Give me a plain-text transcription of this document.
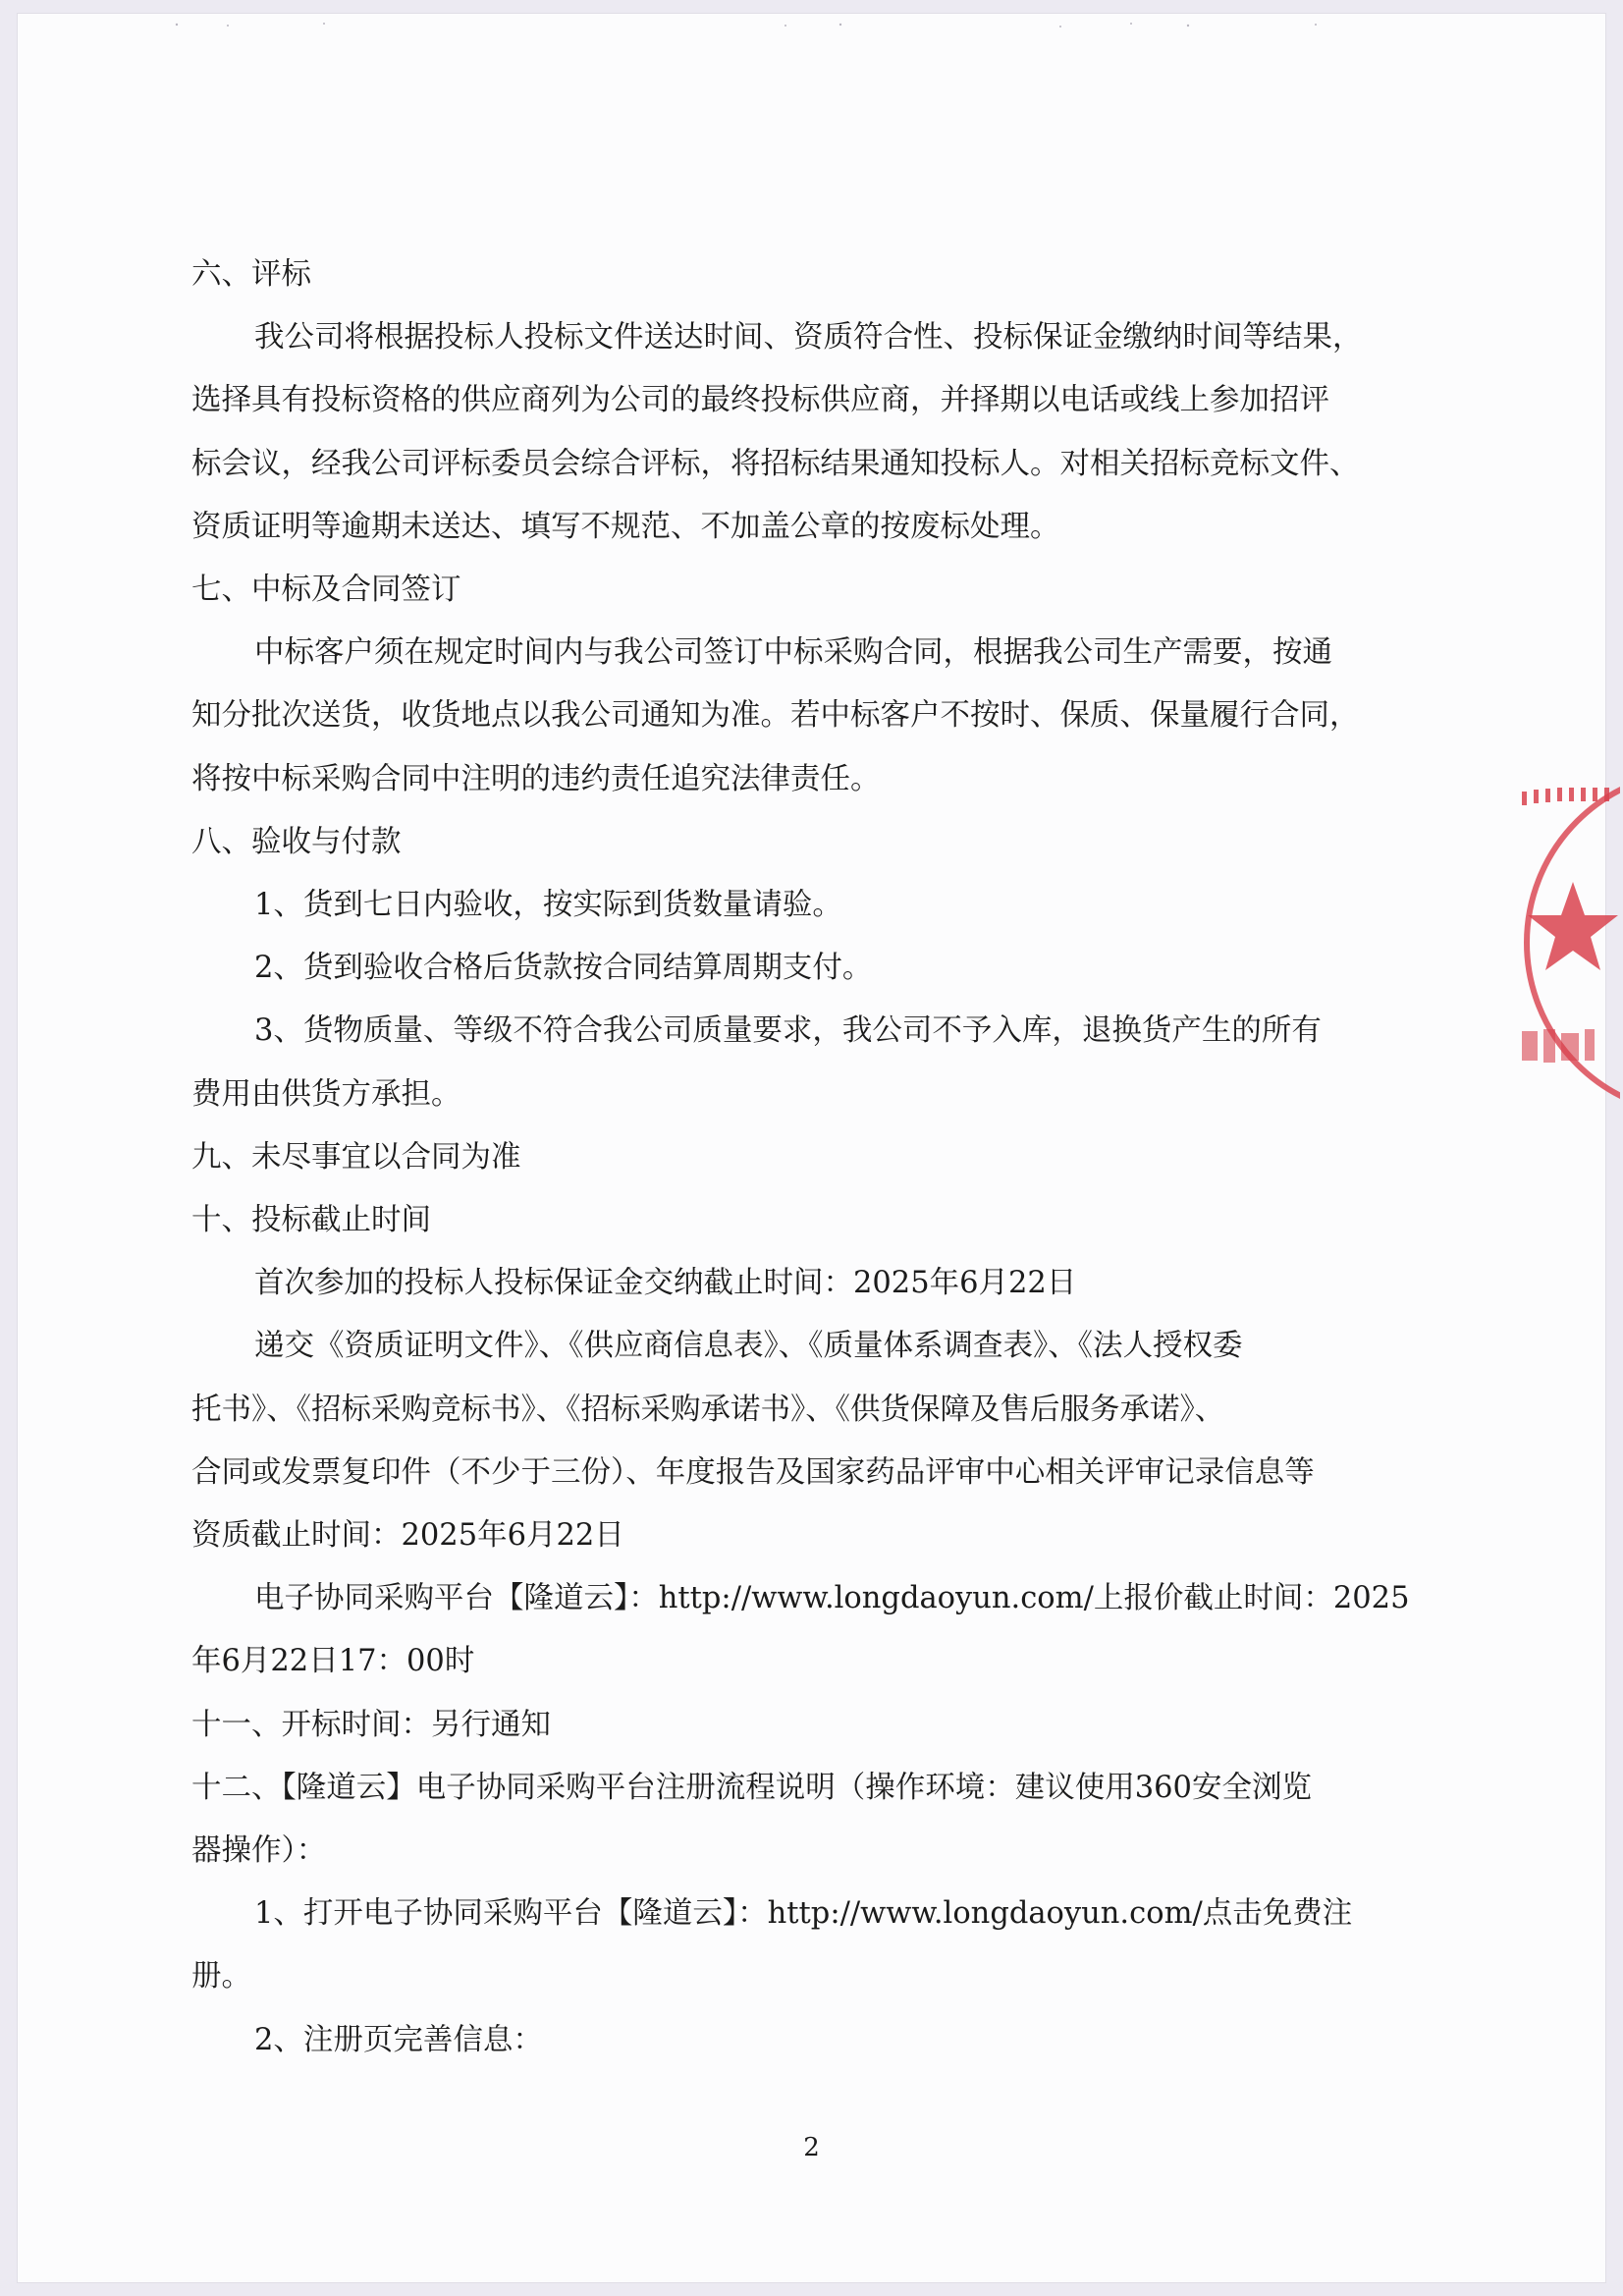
六、评标

我公司将根据投标人投标文件送达时间、资质符合性、投标保证金缴纳时间等结果，

选择具有投标资格的供应商列为公司的最终投标供应商，并择期以电话或线上参加招评

标会议，经我公司评标委员会综合评标，将招标结果通知投标人。对相关招标竞标文件、

资质证明等逾期未送达、填写不规范、不加盖公章的按废标处理。

七、中标及合同签订

中标客户须在规定时间内与我公司签订中标采购合同，根据我公司生产需要，按通

知分批次送货，收货地点以我公司通知为准。若中标客户不按时、保质、保量履行合同，

将按中标采购合同中注明的违约责任追究法律责任。

八、验收与付款

1、货到七日内验收，按实际到货数量请验。

2、货到验收合格后货款按合同结算周期支付。

3、货物质量、等级不符合我公司质量要求，我公司不予入库，退换货产生的所有

费用由供货方承担。

九、未尽事宜以合同为准

十、投标截止时间

首次参加的投标人投标保证金交纳截止时间：2025年6月22日

递交《资质证明文件》、《供应商信息表》、《质量体系调查表》、《法人授权委

托书》、《招标采购竞标书》、《招标采购承诺书》、《供货保障及售后服务承诺》、

合同或发票复印件（不少于三份）、年度报告及国家药品评审中心相关评审记录信息等

资质截止时间：2025年6月22日

电子协同采购平台【隆道云】：http://www.longdaoyun.com/上报价截止时间：2025

年6月22日17：00时

十一、开标时间：另行通知

十二、【隆道云】电子协同采购平台注册流程说明（操作环境：建议使用360安全浏览

器操作）：

1、打开电子协同采购平台【隆道云】：http://www.longdaoyun.com/点击免费注

册。

2、注册页完善信息：

2
